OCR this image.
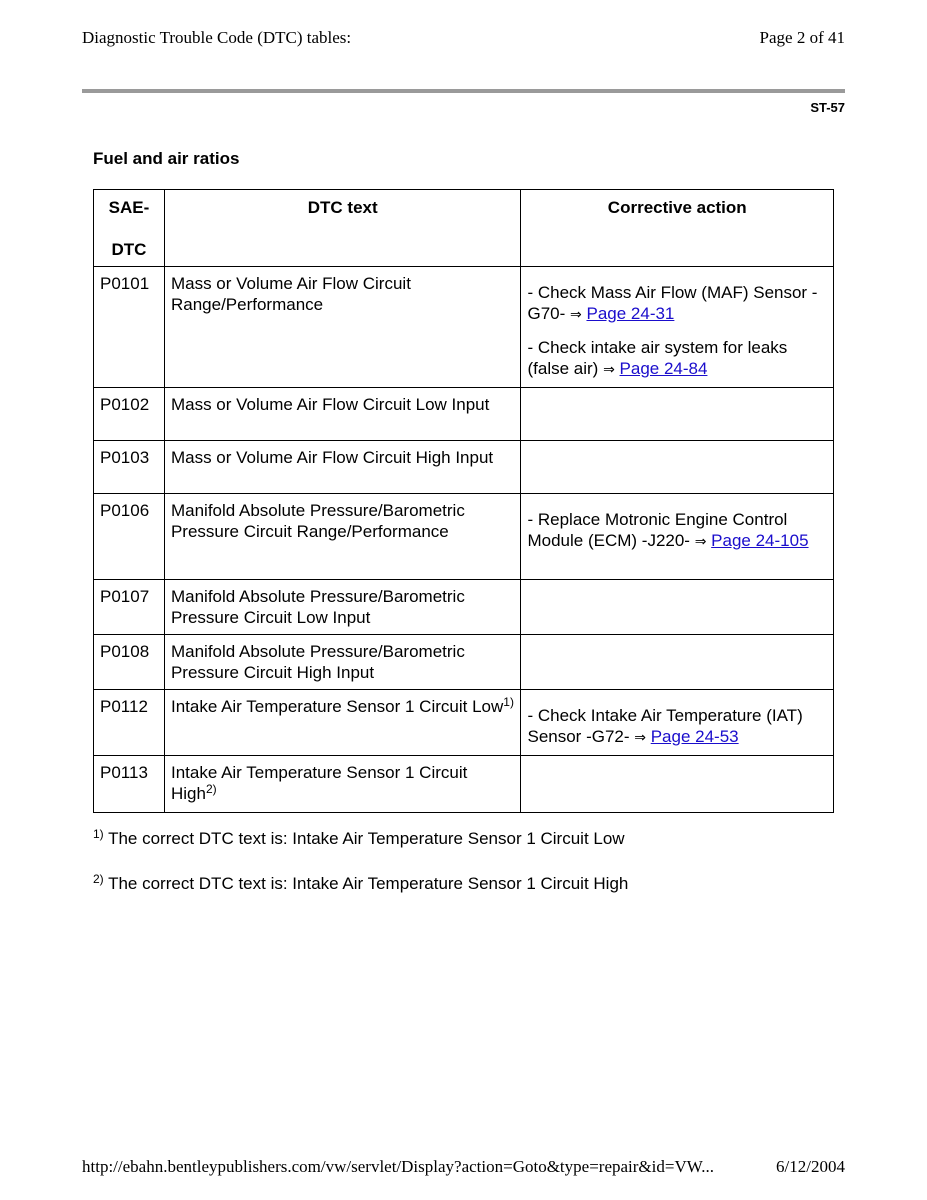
Diagnostic Trouble Code (DTC) tables:	Page 2 of 41
ST-57
Fuel and air ratios
SAE-
DTC	DTC text	Corrective action
P0101	Mass or Volume Air Flow Circuit Range/Performance	- Check Mass Air Flow (MAF) Sensor -G70- ⇒ Page 24-31
- Check intake air system for leaks (false air) ⇒ Page 24-84

P0102	Mass or Volume Air Flow Circuit Low Input	
P0103	Mass or Volume Air Flow Circuit High Input	
P0106	Manifold Absolute Pressure/Barometric Pressure Circuit Range/Performance	- Replace Motronic Engine Control Module (ECM) -J220- ⇒ Page 24-105

P0107	Manifold Absolute Pressure/Barometric Pressure Circuit Low Input	
P0108	Manifold Absolute Pressure/Barometric Pressure Circuit High Input	
P0112	Intake Air Temperature Sensor 1 Circuit Low$^{1)}$	- Check Intake Air Temperature (IAT) Sensor -G72- ⇒ Page 24-53

P0113	Intake Air Temperature Sensor 1 Circuit High$^{2)}$	
$^{1)}$ The correct DTC text is: Intake Air Temperature Sensor 1 Circuit Low
$^{2)}$ The correct DTC text is: Intake Air Temperature Sensor 1 Circuit High
http://ebahn.bentleypublishers.com/vw/servlet/Display?action=Goto&type=repair&id=VW...	6/12/2004
